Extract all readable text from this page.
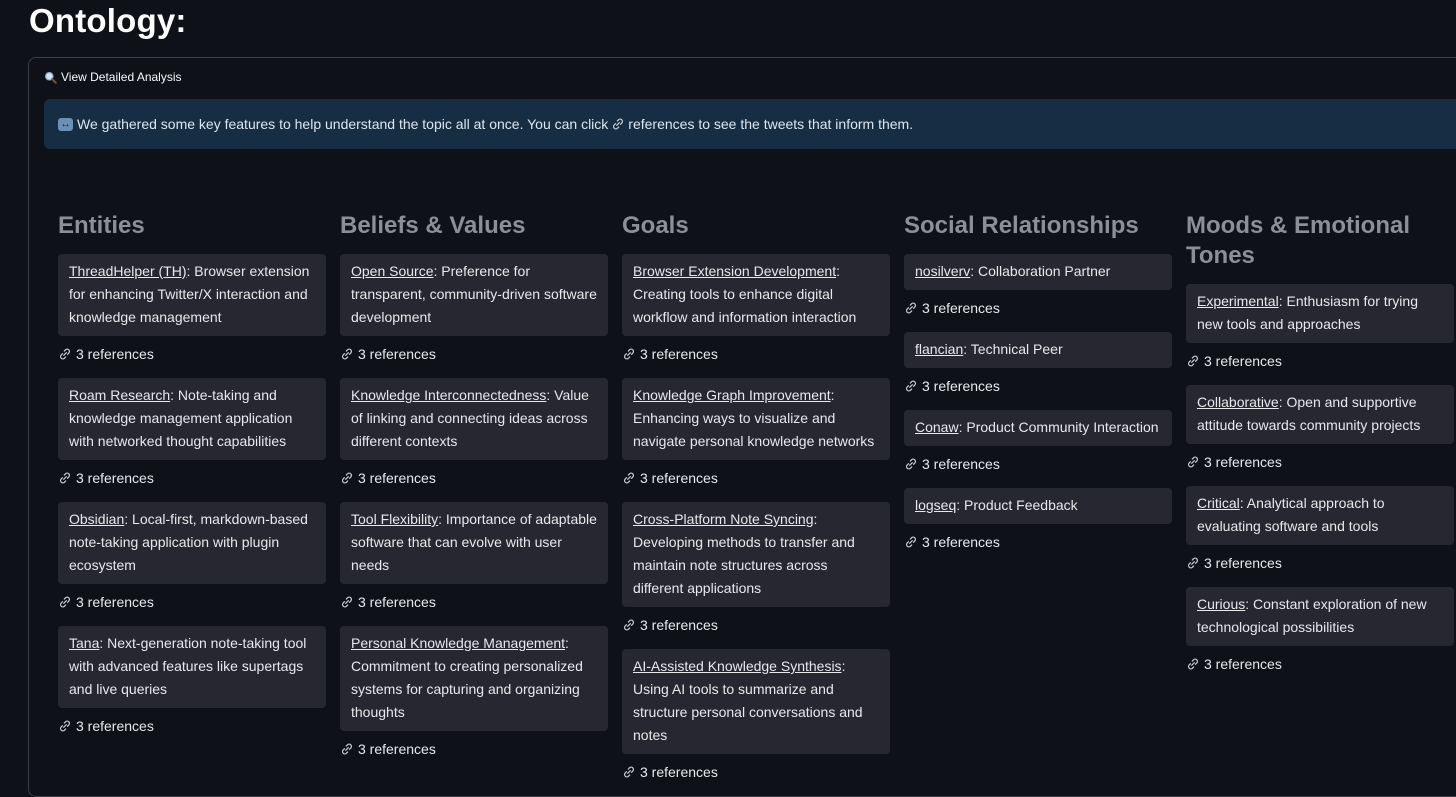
Ontology:
View Detailed Analysis
↔ We gathered some key features to help understand the topic all at once. You can click references to see the tweets that inform them.
Entities
ThreadHelper (TH): Browser extension for enhancing Twitter/X interaction and knowledge management
3 references
Roam Research: Note-taking and knowledge management application with networked thought capabilities
3 references
Obsidian: Local-first, markdown-based note-taking application with plugin ecosystem
3 references
Tana: Next-generation note-taking tool with advanced features like supertags and live queries
3 references
Beliefs & Values
Open Source: Preference for transparent, community-driven software development
3 references
Knowledge Interconnectedness: Value of linking and connecting ideas across different contexts
3 references
Tool Flexibility: Importance of adaptable software that can evolve with user needs
3 references
Personal Knowledge Management: Commitment to creating personalized systems for capturing and organizing thoughts
3 references
Goals
Browser Extension Development: Creating tools to enhance digital workflow and information interaction
3 references
Knowledge Graph Improvement: Enhancing ways to visualize and navigate personal knowledge networks
3 references
Cross-Platform Note Syncing: Developing methods to transfer and maintain note structures across different applications
3 references
AI-Assisted Knowledge Synthesis: Using AI tools to summarize and structure personal conversations and notes
3 references
Social Relationships
nosilverv: Collaboration Partner
3 references
flancian: Technical Peer
3 references
Conaw: Product Community Interaction
3 references
logseq: Product Feedback
3 references
Moods & Emotional Tones
Experimental: Enthusiasm for trying new tools and approaches
3 references
Collaborative: Open and supportive attitude towards community projects
3 references
Critical: Analytical approach to evaluating software and tools
3 references
Curious: Constant exploration of new technological possibilities
3 references
